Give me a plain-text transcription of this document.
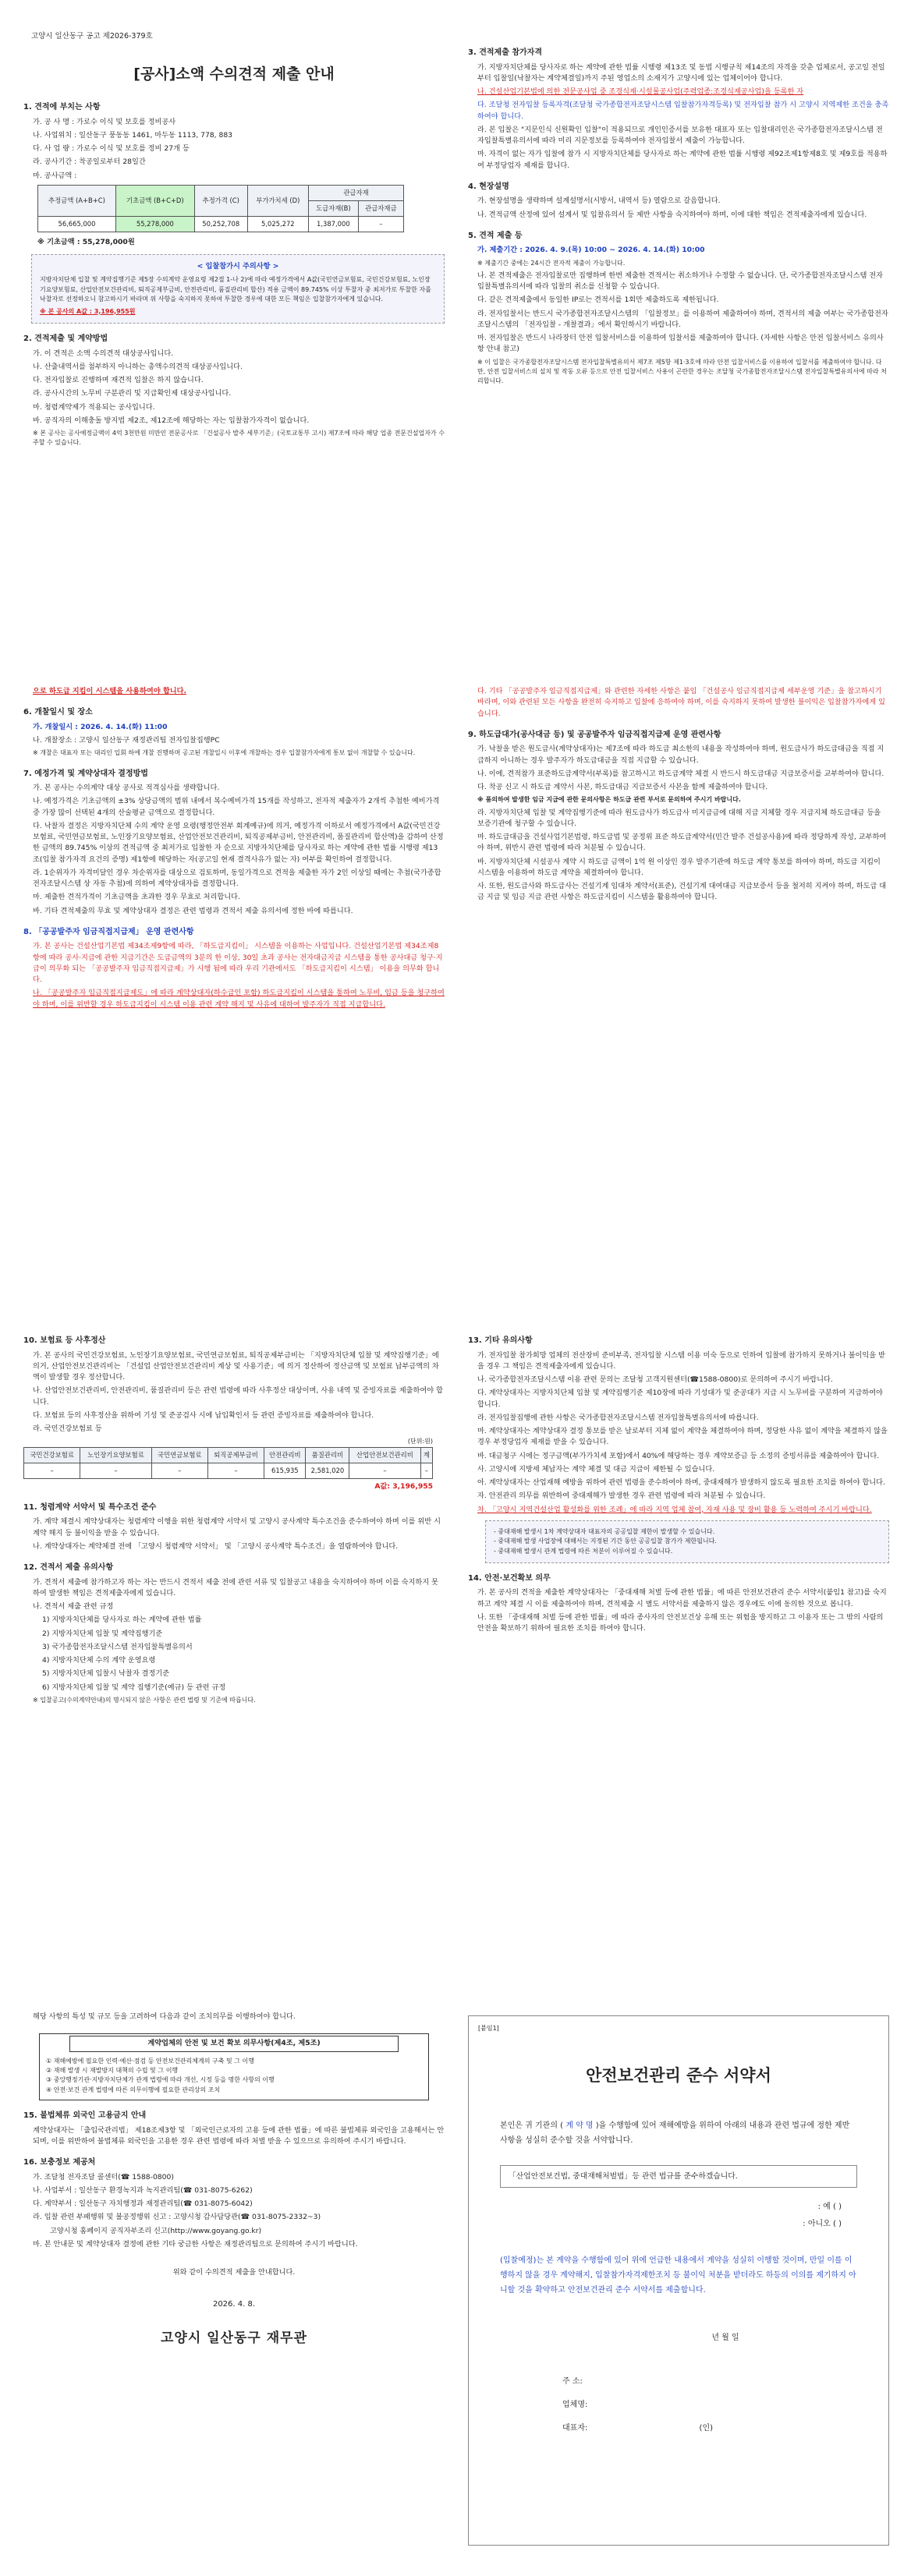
고양시 일산동구 공고 제2026-379호
[공사]소액 수의견적 제출 안내
1. 견적에 부치는 사항
가. 공 사 명 : 가로수 이식 및 보호를 정비공사
나. 사업위치 : 일산동구 풍동동 1461, 마두동 1113, 778, 883
다. 사 업 량 : 가로수 이식 및 보호를 정비 27개 등
라. 공사기간 : 착공일로부터 28일간
마. 공사금액 :
추정금액 (A+B+C)	기초금액 (B+C+D)	추정가격 (C)	부가가치세 (D)	관급자재	
				도급자재(B)	관급자재금
56,665,000	55,278,000	50,252,708	5,025,272	1,387,000	–
※ 기초금액 : 55,278,000원
< 입찰참가시 주의사항 >
지방자치단체 입찰 및 계약집행기준 제5장 수의계약 운영요령 제2절 1-나 2)에 따라 예정가격에서 A값(국민연금보험료, 국민건강보험료, 노인장기요양보험료, 산업안전보건관리비, 퇴직공제부금비, 안전관리비, 품질관리비 합산) 적용 금액이 89.745% 이상 투찰자 중 최저가로 투찰한 자를 낙찰자로 선정하오니 참고하시기 바라며 위 사항을 숙지하지 못하여 투찰한 경우에 대한 모든 책임은 입찰참가자에게 있습니다.
※ 본 공사의 A값 : 3,196,955원
2. 견적제출 및 계약방법
가. 이 견적은 소액 수의견적 대상공사입니다.
나. 산출내역서를 첨부하지 아니하는 총액수의견적 대상공사입니다.
다. 전자입찰로 진행하며 재견적 입찰은 하지 않습니다.
라. 공사시간의 노무비 구분관리 및 지급확인제 대상공사입니다.
마. 청렴계약제가 적용되는 공사입니다.
바. 공직자의 이해충돌 방지법 제2조, 제12조에 해당하는 자는 입찰참가자격이 없습니다.
※ 본 공사는 공사예정금액이 4억 3천만원 미만인 전문공사로 「건설공사 발주 세부기준」(국토교통부 고시) 제7조에 따라 해당 업종 전문건설업자가 수주할 수 있습니다.
3. 견적제출 참가자격
가. 지방자치단체를 당사자로 하는 계약에 관한 법률 시행령 제13조 및 동법 시행규칙 제14조의 자격을 갖춘 업체로서, 공고일 전일부터 입찰일(낙찰자는 계약체결일)까지 주된 영업소의 소재지가 고양시에 있는 업체이어야 합니다.
나. 건설산업기본법에 의한 전문공사업 중 조경식재·시설물공사업(주력업종:조경식재공사업)을 등록한 자
다. 조달청 전자입찰 등록자격(조달청 국가종합전자조달시스템 입찰참가자격등록) 및 전자입찰 참가 시 고양시 지역제한 조건을 충족하여야 합니다.
라. 본 입찰은 "지문인식 신원확인 입찰"이 적용되므로 개인인증서를 보유한 대표자 또는 입찰대리인은 국가종합전자조달시스템 전자입찰특별유의서에 따라 미리 지문정보를 등록하여야 전자입찰서 제출이 가능합니다.
마. 자격이 없는 자가 입찰에 참가 시 지방자치단체를 당사자로 하는 계약에 관한 법률 시행령 제92조제1항제8호 및 제9호를 적용하여 부정당업자 제재를 합니다.
4. 현장설명
가. 현장설명을 생략하며 설계설명서(시방서, 내역서 등) 열람으로 갈음합니다.
나. 견적금액 산정에 있어 설계서 및 입찰유의서 등 제반 사항을 숙지하여야 하며, 이에 대한 책임은 견적제출자에게 있습니다.
5. 견적 제출 등
가. 제출기간 : 2026. 4. 9.(목) 10:00 ~ 2026. 4. 14.(화) 10:00
※ 제출기간 중에는 24시간 전자적 제출이 가능합니다.
나. 본 견적제출은 전자입찰로만 집행하며 한번 제출한 견적서는 취소하거나 수정할 수 없습니다. 단, 국가종합전자조달시스템 전자입찰특별유의서에 따라 입찰의 취소를 신청할 수 있습니다.
다. 같은 견적제출에서 동일한 IP로는 견적서를 1회만 제출하도록 제한됩니다.
라. 전자입찰서는 반드시 국가종합전자조달시스템의 「입찰정보」를 이용하여 제출하여야 하며, 견적서의 제출 여부는 국가종합전자조달시스템의 「전자입찰 - 개찰결과」에서 확인하시기 바랍니다.
마. 전자입찰은 반드시 나라장터 안전 입찰서비스를 이용하여 입찰서를 제출하여야 합니다. (자세한 사항은 안전 입찰서비스 유의사항 안내 참고)
※ 이 입찰은 국가종합전자조달시스템 전자입찰특별유의서 제7조 제5항 제1·3호에 따라 안전 입찰서비스를 이용하여 입찰서를 제출하여야 합니다. 다만, 안전 입찰서비스의 설치 및 작동 오류 등으로 안전 입찰서비스 사용이 곤란한 경우는 조달청 국가종합전자조달시스템 전자입찰특별유의서에 따라 처리합니다.
으로 하도급 지킴이 시스템을 사용하여야 합니다.
6. 개찰일시 및 장소
가. 개찰일시 : 2026. 4. 14.(화) 11:00
나. 개찰장소 : 고양시 일산동구 재정관리팀 전자입찰집행PC
※ 개찰은 대표자 또는 대리인 입회 하에 개찰 진행하며 공고된 개찰일시 이후에 개찰하는 경우 입찰참가자에게 통보 없이 개찰할 수 있습니다.
7. 예정가격 및 계약상대자 결정방법
가. 본 공사는 수의계약 대상 공사로 적격심사를 생략합니다.
나. 예정가격은 기초금액의 ±3% 상당금액의 범위 내에서 복수예비가격 15개를 작성하고, 전자적 제출자가 2개씩 추첨한 예비가격 중 가장 많이 선택된 4개의 산술평균 금액으로 결정합니다.
다. 낙찰자 결정은 지방자치단체 수의 계약 운영 요령(행정안전부 회계예규)에 의거, 예정가격 이하로서 예정가격에서 A값(국민건강보험료, 국민연금보험료, 노인장기요양보험료, 산업안전보건관리비, 퇴직공제부금비, 안전관리비, 품질관리비 합산액)을 감하여 산정한 금액의 89.745% 이상의 견적금액 중 최저가로 입찰한 자 순으로 지방자치단체를 당사자로 하는 계약에 관한 법률 시행령 제13조(입찰 참가자격 요건의 증명) 제1항에 해당하는 자(공고일 현재 결격사유가 없는 자) 여부를 확인하여 결정합니다.
라. 1순위자가 자격미달인 경우 차순위자를 대상으로 검토하며, 동일가격으로 견적을 제출한 자가 2인 이상일 때에는 추첨(국가종합전자조달시스템 상 자동 추첨)에 의하여 계약상대자를 결정합니다.
마. 제출한 견적가격이 기초금액을 초과한 경우 무효로 처리합니다.
바. 기타 견적제출의 무효 및 계약상대자 결정은 관련 법령과 견적서 제출 유의서에 정한 바에 따릅니다.
8. 「공공발주자 임금직접지급제」 운영 관련사항
가. 본 공사는 건설산업기본법 제34조제9항에 따라, 「하도급지킴이」 시스템을 이용하는 사업입니다. 건설산업기본법 제34조제8항에 따라 공사·지급에 관한 지급기간은 도급금액의 3분의 한 이상, 30일 초과 공사는 전자대금지급 시스템을 통한 공사대금 청구·지급이 의무화 되는 「공공발주자 임금직접지급제」가 시행 됨에 따라 우리 기관에서도 「하도급지킴이 시스템」 이용을 의무화 합니다.
나. 「공공발주자 임금직접지급제도」에 따라 계약상대자(하수급인 포함) 하도급지킴이 시스템을 통하여 노무비, 임금 등을 청구하여야 하며, 이를 위반할 경우 하도급지킴이 시스템 이용 관련 계약 해지 및 사유에 대하여 발주자가 직접 지급합니다.
다. 기타 「공공발주자 임금직접지급제」와 관련한 자세한 사항은 붙임 「건설공사 임금직접지급제 세부운영 기준」을 참고하시기 바라며, 이와 관련된 모든 사항을 완전히 숙지하고 입찰에 응하여야 하며, 이를 숙지하지 못하여 발생한 불이익은 입찰참가자에게 있습니다.
9. 하도급대가(공사대금 등) 및 공공발주자 임금직접지급제 운영 관련사항
가. 낙찰을 받은 원도급사(계약상대자)는 제7조에 따라 하도급 최소한의 내용을 작성하여야 하며, 원도급사가 하도급대금을 직접 지급하지 아니하는 경우 발주자가 하도급대금을 직접 지급할 수 있습니다.
나. 이에, 견적참가 표준하도급계약서(부록)를 참고하시고 하도급계약 체결 시 반드시 하도급대금 지급보증서를 교부하여야 합니다.
다. 착공 신고 시 하도급 계약서 사본, 하도급대금 지급보증서 사본을 함께 제출하여야 합니다.
※ 품의하여 발생한 임금 지급에 관한 문의사항은 하도급 관련 부서로 문의하여 주시기 바랍니다.
라. 지방자치단체 입찰 및 계약집행기준에 따라 원도급사가 하도급사 미지급금에 대해 지급 지체할 경우 지급지체 하도급대금 등을 보증기관에 청구할 수 있습니다.
마. 하도급대금을 건설사업기본법령, 하도급법 및 공정위 표준 하도급계약서(민간 발주 건설공사용)에 따라 정당하게 작성, 교부하여야 하며, 위반시 관련 법령에 따라 처분될 수 있습니다.
바. 지방자치단체 시설공사 계약 시 하도급 금액이 1억 원 이상인 경우 발주기관에 하도급 계약 통보를 하여야 하며, 하도급 지킴이 시스템을 이용하여 하도급 계약을 체결하여야 합니다.
사. 또한, 원도급사와 하도급사는 건설기계 임대차 계약서(표준), 건설기계 대여대금 지급보증서 등을 철저히 지켜야 하며, 하도급 대금 지급 및 임금 지급 관련 사항은 하도급지킴이 시스템을 활용하여야 합니다.
10. 보험료 등 사후정산
가. 본 공사의 국민건강보험료, 노인장기요양보험료, 국민연금보험료, 퇴직공제부금비는 「지방자치단체 입찰 및 계약집행기준」에 의거, 산업안전보건관리비는 「건설업 산업안전보건관리비 계상 및 사용기준」에 의거 정산하여 정산금액 및 보험료 납부금액의 차액이 발생할 경우 정산합니다.
나. 산업안전보건관리비, 안전관리비, 품질관리비 등은 관련 법령에 따라 사후정산 대상이며, 사용 내역 및 증빙자료를 제출하여야 합니다.
다. 보험료 등의 사후정산을 위하여 기성 및 준공검사 시에 납입확인서 등 관련 증빙자료를 제출하여야 합니다.
라. 국민건강보험료 등
(단위:원)
국민건강보험료	노인장기요양보험료	국민연금보험료	퇴직공제부금비	안전관리비	품질관리비	산업안전보건관리비	계
–	–	–	–	615,935	2,581,020	–	–
A값: 3,196,955
11. 청렴계약 서약서 및 특수조건 준수
가. 계약 체결시 계약상대자는 청렴계약 이행을 위한 청렴계약 서약서 및 고양시 공사계약 특수조건을 준수하여야 하며 이를 위반 시 계약 해지 등 불이익을 받을 수 있습니다.
나. 계약상대자는 계약체결 전에 「고양시 청렴계약 서약서」 및 「고양시 공사계약 특수조건」을 열람하여야 합니다.
12. 견적서 제출 유의사항
가. 견적서 제출에 참가하고자 하는 자는 반드시 견적서 제출 전에 관련 서류 및 입찰공고 내용을 숙지하여야 하며 이를 숙지하지 못하여 발생한 책임은 견적제출자에게 있습니다.
나. 견적서 제출 관련 규정
1) 지방자치단체를 당사자로 하는 계약에 관한 법률
2) 지방자치단체 입찰 및 계약집행기준
3) 국가종합전자조달시스템 전자입찰특별유의서
4) 지방자치단체 수의 계약 운영요령
5) 지방자치단체 입찰시 낙찰자 결정기준
6) 지방자치단체 입찰 및 계약 집행기준(예규) 등 관련 규정
※ 입찰공고(수의계약안내)의 명시되지 않은 사항은 관련 법령 및 기준에 따릅니다.
13. 기타 유의사항
가. 전자입찰 참가희망 업체의 전산장비 준비부족, 전자입찰 시스템 이용 미숙 등으로 인하여 입찰에 참가하지 못하거나 불이익을 받을 경우 그 책임은 견적제출자에게 있습니다.
나. 국가종합전자조달시스템 이용 관련 문의는 조달청 고객지원센터(☎1588-0800)로 문의하여 주시기 바랍니다.
다. 계약상대자는 지방자치단체 입찰 및 계약집행기준 제10장에 따라 기성대가 및 준공대가 지급 시 노무비를 구분하여 지급하여야 합니다.
라. 전자입찰집행에 관한 사항은 국가종합전자조달시스템 전자입찰특별유의서에 따릅니다.
마. 계약상대자는 계약상대자 결정 통보를 받은 날로부터 지체 없이 계약을 체결하여야 하며, 정당한 사유 없이 계약을 체결하지 않을 경우 부정당업자 제재를 받을 수 있습니다.
바. 대금청구 시에는 정구금액(부가가치세 포함)에서 40%에 해당하는 경우 계약보증금 등 소정의 증빙서류를 제출하여야 합니다.
사. 고양시에 지방세 체납자는 계약 체결 및 대금 지급이 제한될 수 있습니다.
아. 계약상대자는 산업재해 예방을 위하여 관련 법령을 준수하여야 하며, 중대재해가 발생하지 않도록 필요한 조치를 하여야 합니다.
자. 안전관리 의무를 위반하여 중대재해가 발생한 경우 관련 법령에 따라 처분될 수 있습니다.
차. 「고양시 지역건설산업 활성화를 위한 조례」에 따라 지역 업체 참여, 자재 사용 및 장비 활용 등 노력하여 주시기 바랍니다.
- 중대재해 발생시 1차 계약상대자 대표자의 공공입찰 제한이 발생할 수 있습니다.
- 중대재해 발생 사업장에 대해서는 지정된 기간 동안 공공입찰 참가가 제한됩니다.
- 중대재해 발생시 관계 법령에 따른 처분이 이루어질 수 있습니다.
14. 안전·보건확보 의무
가. 본 공사의 견적을 제출한 계약상대자는 「중대재해 처벌 등에 관한 법률」에 따른 안전보건관리 준수 서약서(붙임1 참고)를 숙지하고 계약 체결 시 이를 제출하여야 하며, 견적제출 시 별도 서약서를 제출하지 않은 경우에도 이에 동의한 것으로 봅니다.
나. 또한 「중대재해 처벌 등에 관한 법률」에 따라 종사자의 안전보건상 유해 또는 위험을 방지하고 그 이용자 또는 그 밖의 사람의 안전을 확보하기 위하여 필요한 조치를 하여야 합니다.
해당 사항의 특성 및 규모 등을 고려하여 다음과 같이 조치의무를 이행하여야 합니다.
계약업체의 안전 및 보건 확보 의무사항(제4조, 제5조)
① 재해예방에 필요한 인력·예산·점검 등 안전보건관리체계의 구축 및 그 이행
② 재해 발생 시 재발방지 대책의 수립 및 그 이행
③ 중앙행정기관·지방자치단체가 관계 법령에 따라 개선, 시정 등을 명한 사항의 이행
④ 안전·보건 관계 법령에 따른 의무이행에 필요한 관리상의 조치
15. 불법체류 외국인 고용금지 안내
계약상대자는 「출입국관리법」 제18조제3항 및 「외국인근로자의 고용 등에 관한 법률」에 따른 불법체류 외국인을 고용해서는 안 되며, 이를 위반하여 불법체류 외국인을 고용한 경우 관련 법령에 따라 처벌 받을 수 있으므로 유의하여 주시기 바랍니다.
16. 보충정보 제공처
가. 조달청 전자조달 콜센터(☎ 1588-0800)
나. 사업부서 : 일산동구 환경녹지과 녹지관리팀(☎ 031-8075-6262)
다. 계약부서 : 일산동구 자치행정과 재정관리팀(☎ 031-8075-6042)
라. 입찰 관련 부패행위 및 불공정행위 신고 : 고양시청 감사담당관(☎ 031-8075-2332~3)
고양시청 홈페이지 공직자부조리 신고(http://www.goyang.go.kr)
마. 본 안내문 및 계약상대자 결정에 관한 기타 궁금한 사항은 재정관리팀으로 문의하여 주시기 바랍니다.
위와 같이 수의견적 제출을 안내합니다.
2026. 4. 8.
고양시 일산동구 재무관
[붙임1]
안전보건관리 준수 서약서
본인은 귀 기관의 ( 계 약 명 )을 수행함에 있어 재해예방을 위하여 아래의 내용과 관련 법규에 정한 제반 사항을 성실히 준수할 것을 서약합니다.
「산업안전보건법, 중대재해처벌법」등 관련 법규를 준수하겠습니다.
: 예 ( )
: 아니오 ( )
(입찰예정)는 본 계약을 수행함에 있어 위에 언급한 내용에서 계약을 성실히 이행할 것이며, 만일 이를 이행하지 않을 경우 계약해지, 입찰참가자격제한조치 등 불이익 처분을 받더라도 하등의 이의를 제기하지 아니할 것을 확약하고 안전보건관리 준수 서약서를 제출합니다.
년 월 일
주 소:
업체명:
대표자:	(인)
